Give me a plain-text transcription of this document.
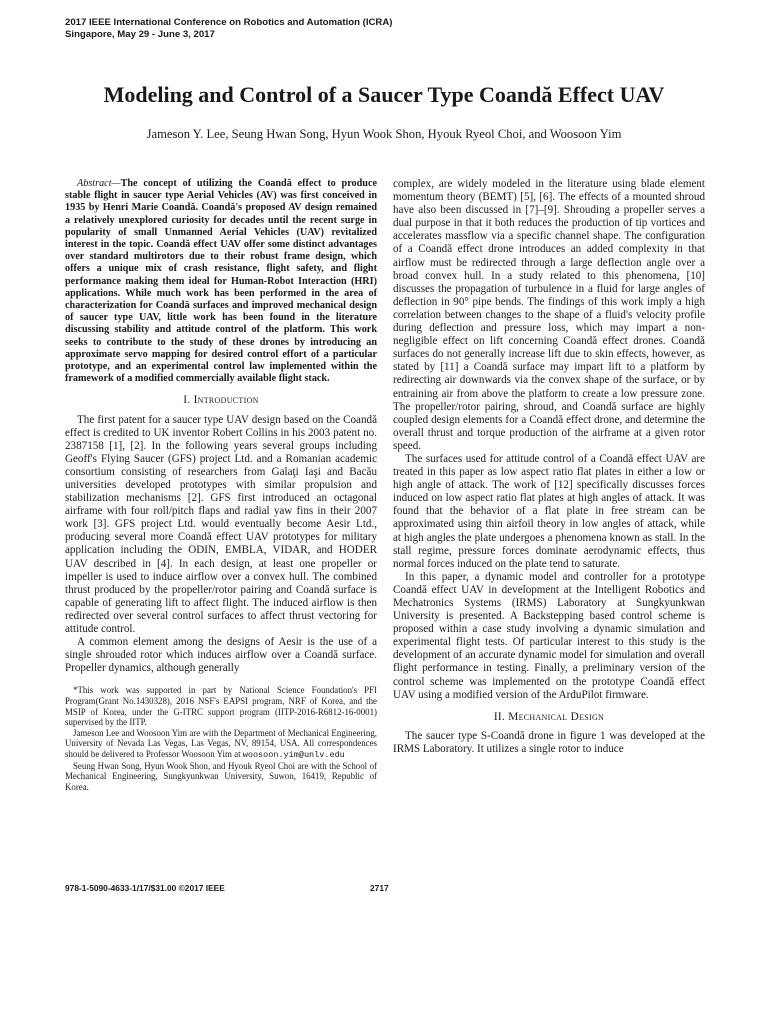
2017 IEEE International Conference on Robotics and Automation (ICRA)
Singapore, May 29 - June 3, 2017
Modeling and Control of a Saucer Type Coandă Effect UAV
Jameson Y. Lee, Seung Hwan Song, Hyun Wook Shon, Hyouk Ryeol Choi, and Woosoon Yim

Abstract—The concept of utilizing the Coandă effect to produce stable flight in saucer type Aerial Vehicles (AV) was first conceived in 1935 by Henri Marie Coandă. Coandă's proposed AV design remained a relatively unexplored curiosity for decades until the recent surge in popularity of small Unmanned Aerial Vehicles (UAV) revitalized interest in the topic. Coandă effect UAV offer some distinct advantages over standard multirotors due to their robust frame design, which offers a unique mix of crash resistance, flight safety, and flight performance making them ideal for Human-Robot Interaction (HRI) applications. While much work has been performed in the area of characterization for Coandă surfaces and improved mechanical design of saucer type UAV, little work has been found in the literature discussing stability and attitude control of the platform. This work seeks to contribute to the study of these drones by introducing an approximate servo mapping for desired control effort of a particular prototype, and an experimental control law implemented within the framework of a modified commercially available flight stack.

I. Introduction

The first patent for a saucer type UAV design based on the Coandă effect is credited to UK inventor Robert Collins in his 2003 patent no. 2387158 [1], [2]. In the following years several groups including Geoff's Flying Saucer (GFS) project Ltd. and a Romanian academic consortium consisting of researchers from Galaţi Iaşi and Bacău universities developed prototypes with similar propulsion and stabilization mechanisms [2]. GFS first introduced an octagonal airframe with four roll/pitch flaps and radial yaw fins in their 2007 work [3]. GFS project Ltd. would eventually become Aesir Ltd., producing several more Coandă effect UAV prototypes for military application including the ODIN, EMBLA, VIDAR, and HODER UAV described in [4]. In each design, at least one propeller or impeller is used to induce airflow over a convex hull. The combined thrust produced by the propeller/rotor pairing and Coandă surface is capable of generating lift to affect flight. The induced airflow is then redirected over several control surfaces to affect thrust vectoring for attitude control.

A common element among the designs of Aesir is the use of a single shrouded rotor which induces airflow over a Coandă surface. Propeller dynamics, although generally

*This work was supported in part by National Science Foundation's PFI Program(Grant No.1430328), 2016 NSF's EAPSI program, NRF of Korea, and the MSIP of Korea, under the G-ITRC support program (IITP-2016-R6812-16-0001) supervised by the IITP.

Jameson Lee and Woosoon Yim are with the Department of Mechanical Engineering, University of Nevada Las Vegas, Las Vegas, NV, 89154, USA. All correspondences should be delivered to Professor Woosoon Yim at woosoon.yim@unlv.edu

Seung Hwan Song, Hyun Wook Shon, and Hyouk Ryeol Choi are with the School of Mechanical Engineering, Sungkyunkwan University, Suwon, 16419, Republic of Korea.

complex, are widely modeled in the literature using blade element momentum theory (BEMT) [5], [6]. The effects of a mounted shroud have also been discussed in [7]–[9]. Shrouding a propeller serves a dual purpose in that it both reduces the production of tip vortices and accelerates massflow via a specific channel shape. The configuration of a Coandă effect drone introduces an added complexity in that airflow must be redirected through a large deflection angle over a broad convex hull. In a study related to this phenomena, [10] discusses the propagation of turbulence in a fluid for large angles of deflection in 90° pipe bends. The findings of this work imply a high correlation between changes to the shape of a fluid's velocity profile during deflection and pressure loss, which may impart a non-negligible effect on lift concerning Coandă effect drones. Coandă surfaces do not generally increase lift due to skin effects, however, as stated by [11] a Coandă surface may impart lift to a platform by redirecting air downwards via the convex shape of the surface, or by entraining air from above the platform to create a low pressure zone. The propeller/rotor pairing, shroud, and Coandă surface are highly coupled design elements for a Coandă effect drone, and determine the overall thrust and torque production of the airframe at a given rotor speed.

The surfaces used for attitude control of a Coandă effect UAV are treated in this paper as low aspect ratio flat plates in either a low or high angle of attack. The work of [12] specifically discusses forces induced on low aspect ratio flat plates at high angles of attack. It was found that the behavior of a flat plate in free stream can be approximated using thin airfoil theory in low angles of attack, while at high angles the plate undergoes a phenomena known as stall. In the stall regime, pressure forces dominate aerodynamic effects, thus normal forces induced on the plate tend to saturate.

In this paper, a dynamic model and controller for a prototype Coandă effect UAV in development at the Intelligent Robotics and Mechatronics Systems (IRMS) Laboratory at Sungkyunkwan University is presented. A Backstepping based control scheme is proposed within a case study involving a dynamic simulation and experimental flight tests. Of particular interest to this study is the development of an accurate dynamic model for simulation and overall flight performance in testing. Finally, a preliminary version of the control scheme was implemented on the prototype Coandă effect UAV using a modified version of the ArduPilot firmware.

II. Mechanical Design

The saucer type S-Coandă drone in figure 1 was developed at the IRMS Laboratory. It utilizes a single rotor to induce

978-1-5090-4633-1/17/$31.00 ©2017 IEEE	2717
